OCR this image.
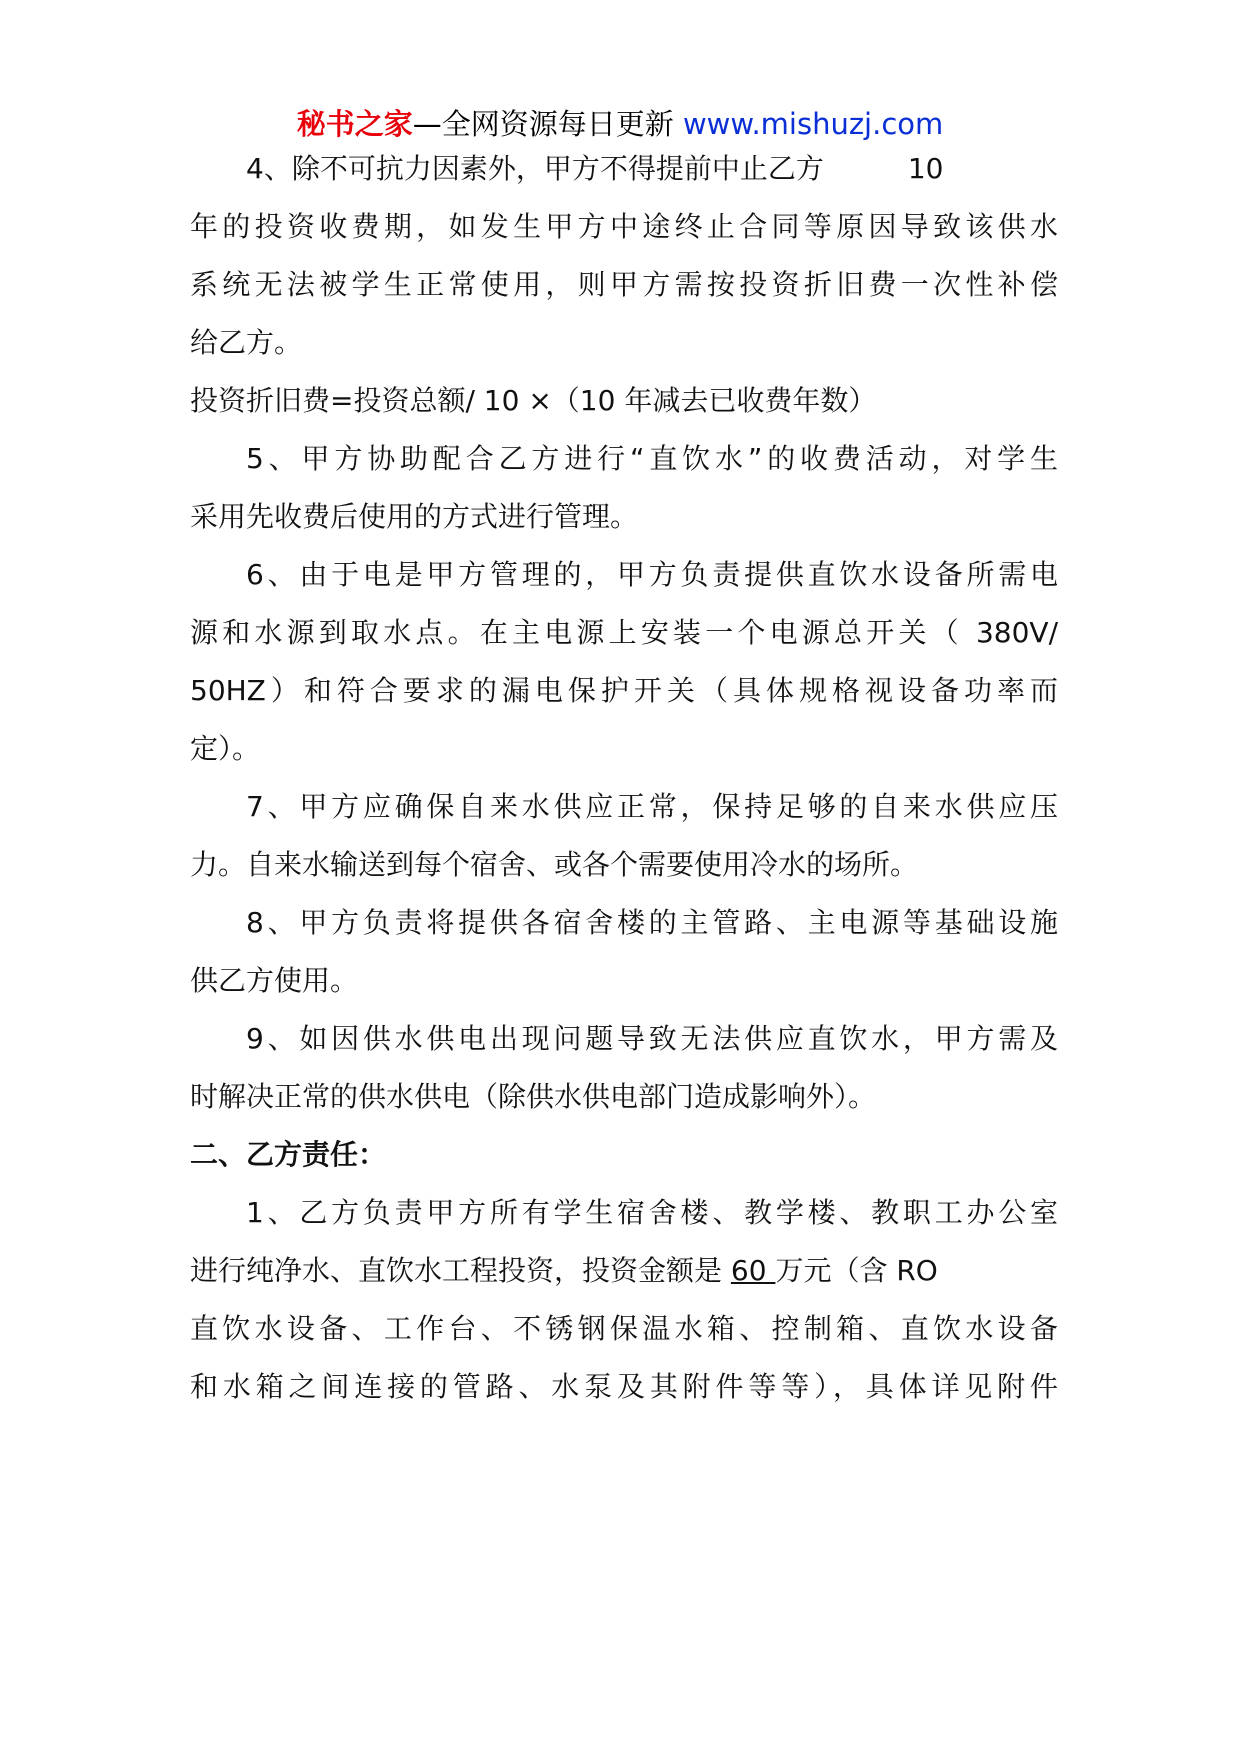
秘书之家—全网资源每日更新 www.mishuzj.com
4、除不可抗力因素外，甲方不得提前中止乙方　　　10
年的投资收费期，如发生甲方中途终止合同等原因导致该供水
系统无法被学生正常使用，则甲方需按投资折旧费一次性补偿
给乙方。
投资折旧费=投资总额/ 10 ×（10 年减去已收费年数）
5、甲方协助配合乙方进行“直饮水”的收费活动，对学生
采用先收费后使用的方式进行管理。
6、由于电是甲方管理的，甲方负责提供直饮水设备所需电
源和水源到取水点。在主电源上安装一个电源总开关（ 380V/
50HZ）和符合要求的漏电保护开关（具体规格视设备功率而
定）。
7、甲方应确保自来水供应正常，保持足够的自来水供应压
力。自来水输送到每个宿舍、或各个需要使用冷水的场所。
8、甲方负责将提供各宿舍楼的主管路、主电源等基础设施
供乙方使用。
9、如因供水供电出现问题导致无法供应直饮水，甲方需及
时解决正常的供水供电（除供水供电部门造成影响外）。
二、乙方责任：
1、乙方负责甲方所有学生宿舍楼、教学楼、教职工办公室
进行纯净水、直饮水工程投资，投资金额是 60 万元（含 RO
直饮水设备、工作台、不锈钢保温水箱、控制箱、直饮水设备
和水箱之间连接的管路、水泵及其附件等等），具体详见附件
